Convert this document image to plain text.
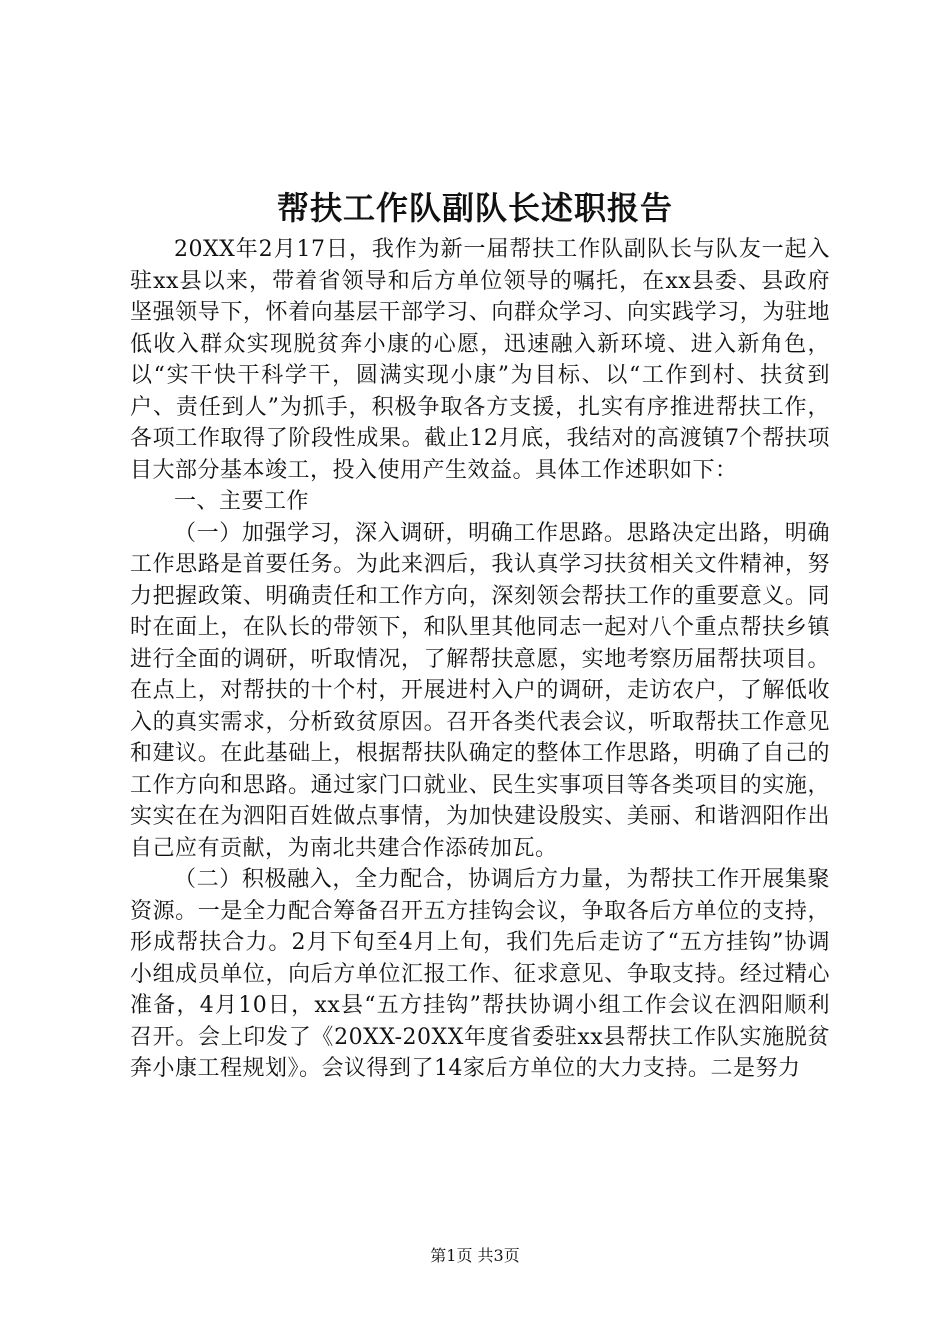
帮扶工作队副队长述职报告

20XX年2月17日，我作为新一届帮扶工作队副队长与队友一起入驻xx县以来，带着省领导和后方单位领导的嘱托，在xx县委、县政府坚强领导下，怀着向基层干部学习、向群众学习、向实践学习，为驻地低收入群众实现脱贫奔小康的心愿，迅速融入新环境、进入新角色，以“实干快干科学干，圆满实现小康”为目标、以“工作到村、扶贫到户、责任到人”为抓手，积极争取各方支援，扎实有序推进帮扶工作，各项工作取得了阶段性成果。截止12月底，我结对的高渡镇7个帮扶项目大部分基本竣工，投入使用产生效益。具体工作述职如下：

一、主要工作

（一）加强学习，深入调研，明确工作思路。思路决定出路，明确工作思路是首要任务。为此来泗后，我认真学习扶贫相关文件精神，努力把握政策、明确责任和工作方向，深刻领会帮扶工作的重要意义。同时在面上，在队长的带领下，和队里其他同志一起对八个重点帮扶乡镇进行全面的调研，听取情况，了解帮扶意愿，实地考察历届帮扶项目。在点上，对帮扶的十个村，开展进村入户的调研，走访农户，了解低收入的真实需求，分析致贫原因。召开各类代表会议，听取帮扶工作意见和建议。在此基础上，根据帮扶队确定的整体工作思路，明确了自己的工作方向和思路。通过家门口就业、民生实事项目等各类项目的实施，实实在在为泗阳百姓做点事情，为加快建设殷实、美丽、和谐泗阳作出自己应有贡献，为南北共建合作添砖加瓦。

（二）积极融入，全力配合，协调后方力量，为帮扶工作开展集聚资源。一是全力配合筹备召开五方挂钩会议，争取各后方单位的支持，形成帮扶合力。2月下旬至4月上旬，我们先后走访了“五方挂钩”协调小组成员单位，向后方单位汇报工作、征求意见、争取支持。经过精心准备，4月10日，xx县“五方挂钩”帮扶协调小组工作会议在泗阳顺利召开。会上印发了《20XX-20XX年度省委驻xx县帮扶工作队实施脱贫奔小康工程规划》。会议得到了14家后方单位的大力支持。二是努力

第1页 共3页
